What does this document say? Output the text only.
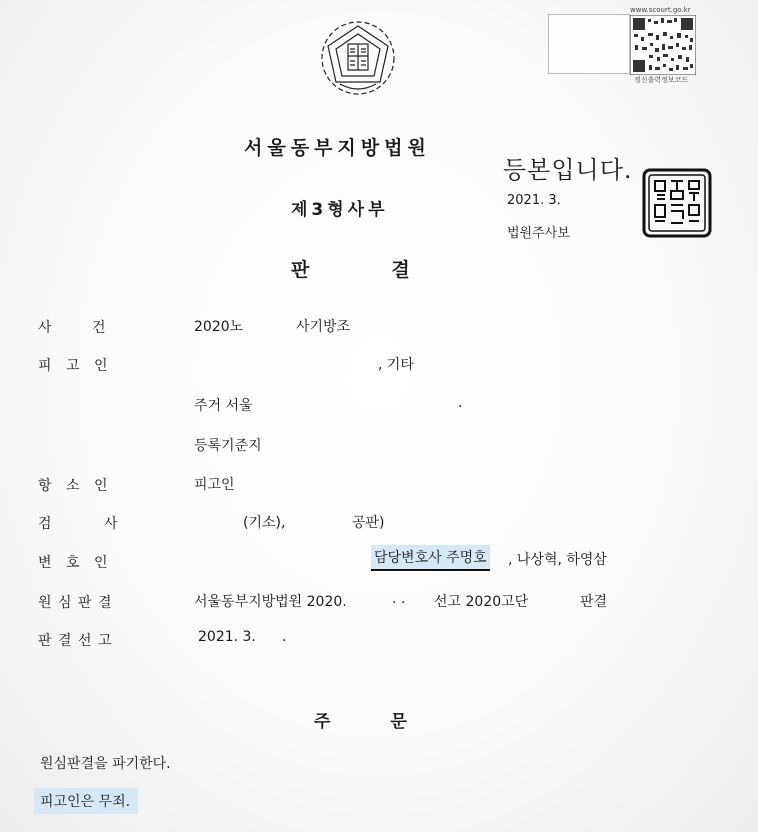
www.scourt.go.kr
정신출력정보코드
서울동부지방법원
제3형사부
판결
등본입니다.
2021. 3.
법원주사보
사	건	2020노	사기방조
피 고 인	, 기타
주거 서울	.
등록기준지
항 소 인	피고인
검	사	(기소),	공판)
변 호 인	담당변호사 주명호 , 나상혁, 하영삼
원 심 판 결	서울동부지방법원 2020.	. . 선고 2020고단	판결
판 결 선 고	2021. 3. .
주문
원심판결을 파기한다.
피고인은 무죄.
